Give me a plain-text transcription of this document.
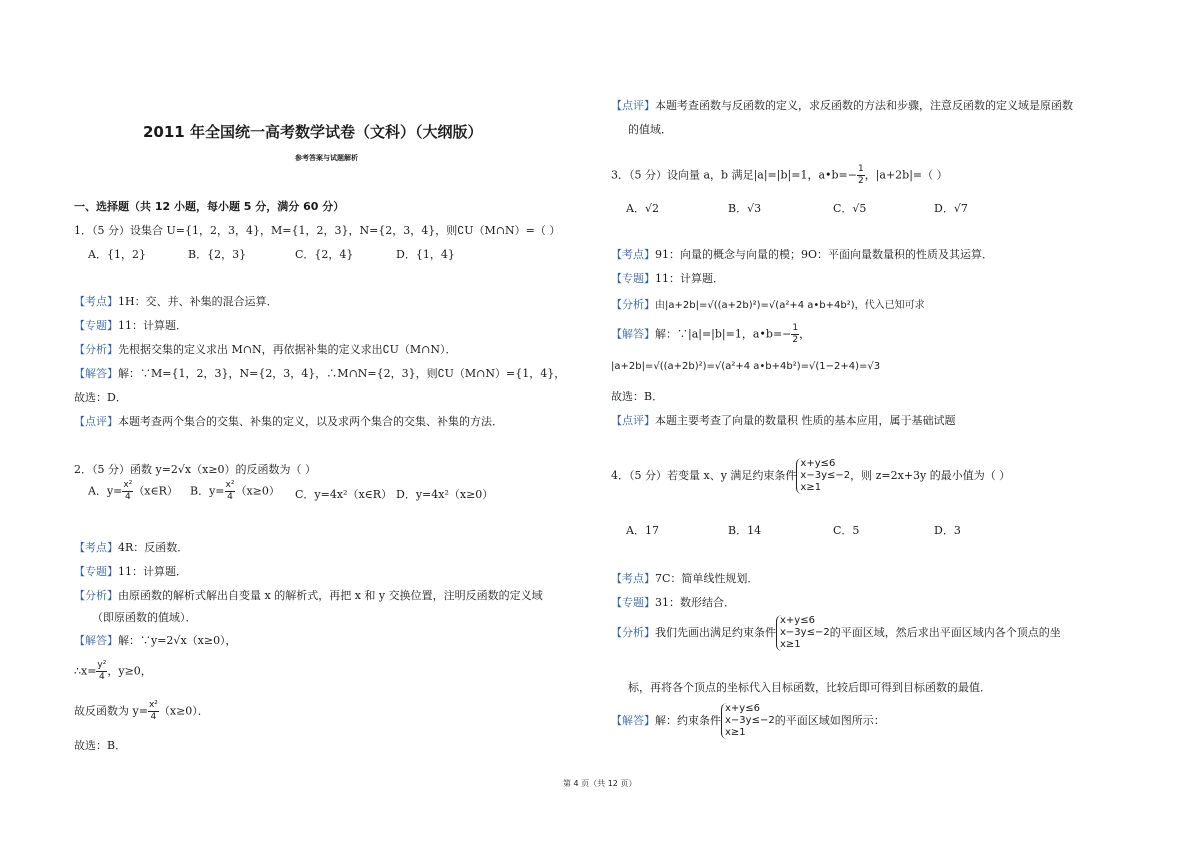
2011 年全国统一高考数学试卷（文科）（大纲版）
参考答案与试题解析
一、选择题（共 12 小题，每小题 5 分，满分 60 分）
1．（5 分）设集合 U={1，2，3，4}，M={1，2，3}，N={2，3，4}，则∁U（M∩N）=（ ）
A．{1，2}	B．{2，3}	C．{2，4}	D．{1，4}
【考点】1H：交、并、补集的混合运算．
【专题】11：计算题．
【分析】先根据交集的定义求出 M∩N，再依据补集的定义求出∁U（M∩N）．
【解答】解：∵M={1，2，3}，N={2，3，4}，∴M∩N={2，3}，则∁U（M∩N）={1，4}，
故选：D．
【点评】本题考查两个集合的交集、补集的定义，以及求两个集合的交集、补集的方法．
2．（5 分）函数 y=2√x（x≥0）的反函数为（ ）
A．$y= \frac{\text{x²}}{4}$ （x∈R） B．$y= \frac{\text{x²}}{4} (x\ge 0)$ C．y=4x²（x∈R） D．y=4x²（x≥0）
【考点】4R：反函数．
【专题】11：计算题．
【分析】由原函数的解析式解出自变量 x 的解析式，再把 x 和 y 交换位置，注明反函数的定义域
（即原函数的值域）．
【解答】解：∵y=2√x（x≥0），
∴x= $\frac{\text{y²}}{4}$ ，y≥0，
故反函数为 $y= \frac{\text{x²}}{4} (x\ge 0)$．
故选：B．
【点评】本题考查函数与反函数的定义，求反函数的方法和步骤，注意反函数的定义域是原函数
的值域．
3．（5 分）设向量 a，b 满足|a|=|b|=1，a•b=− $\frac{1}{2}$ ，|a+2b|=（ ）
A．√2	B．√3	C．√5	D．√7
【考点】91：向量的概念与向量的模；9O：平面向量数量积的性质及其运算．
【专题】11：计算题．
【分析】由|a+2b|=√((a+2b)²)=√(a²+4 a•b+4b²)，代入已知可求
【解答】解：∵|a|=|b|=1，a•b=− $\frac{1}{2}$ ，
|a+2b|=√((a+2b)²)=√(a²+4 a•b+4b²)=√(1−2+4)=√3
故选：B．
【点评】本题主要考查了向量的数量积 性质的基本应用，属于基础试题
4．（5 分）若变量 x、y 满足约束条件
x+y≤6
x−3y≤−2
x≥1
，则 z=2x+3y 的最小值为（ ）
A．17	B．14	C．5	D．3
【考点】7C：简单线性规划．
【专题】31：数形结合．
【分析】我们先画出满足约束条件
x+y≤6
x−3y≤−2
x≥1
的平面区域，然后求出平面区域内各个顶点的坐
标，再将各个顶点的坐标代入目标函数，比较后即可得到目标函数的最值．
【解答】解：约束条件
x+y≤6
x−3y≤−2
x≥1
的平面区域如图所示：
第 4 页（共 12 页）
